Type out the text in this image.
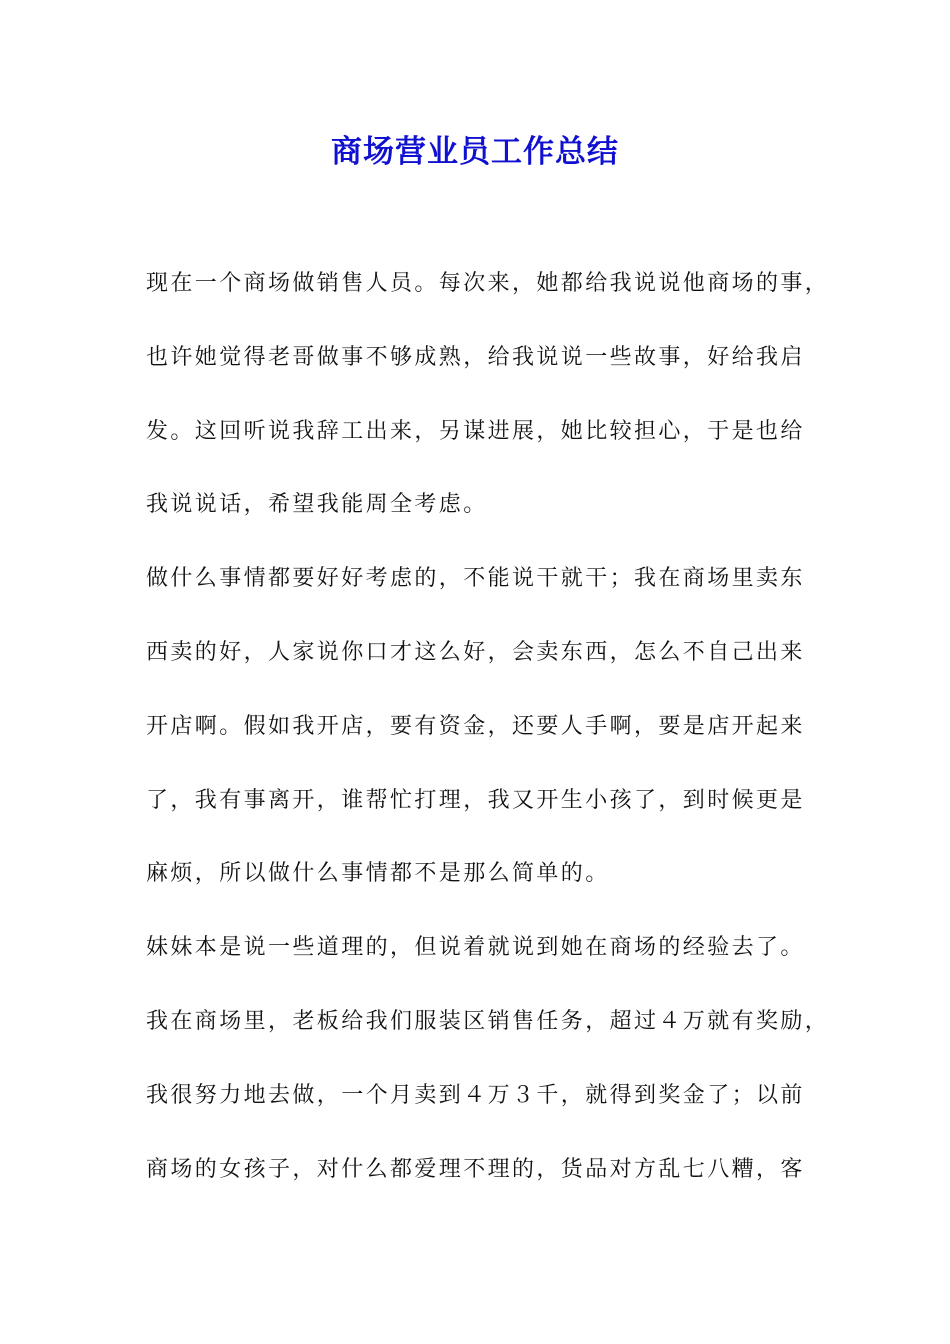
商场营业员工作总结
现在一个商场做销售人员。每次来，她都给我说说他商场的事，
也许她觉得老哥做事不够成熟，给我说说一些故事，好给我启
发。这回听说我辞工出来，另谋进展，她比较担心，于是也给
我说说话，希望我能周全考虑。
做什么事情都要好好考虑的，不能说干就干；我在商场里卖东
西卖的好，人家说你口才这么好，会卖东西，怎么不自己出来
开店啊。假如我开店，要有资金，还要人手啊，要是店开起来
了，我有事离开，谁帮忙打理，我又开生小孩了，到时候更是
麻烦，所以做什么事情都不是那么简单的。
妹妹本是说一些道理的，但说着就说到她在商场的经验去了。
我在商场里，老板给我们服装区销售任务，超过４万就有奖励，
我很努力地去做，一个月卖到４万３千，就得到奖金了；以前
商场的女孩子，对什么都爱理不理的，货品对方乱七八糟，客
